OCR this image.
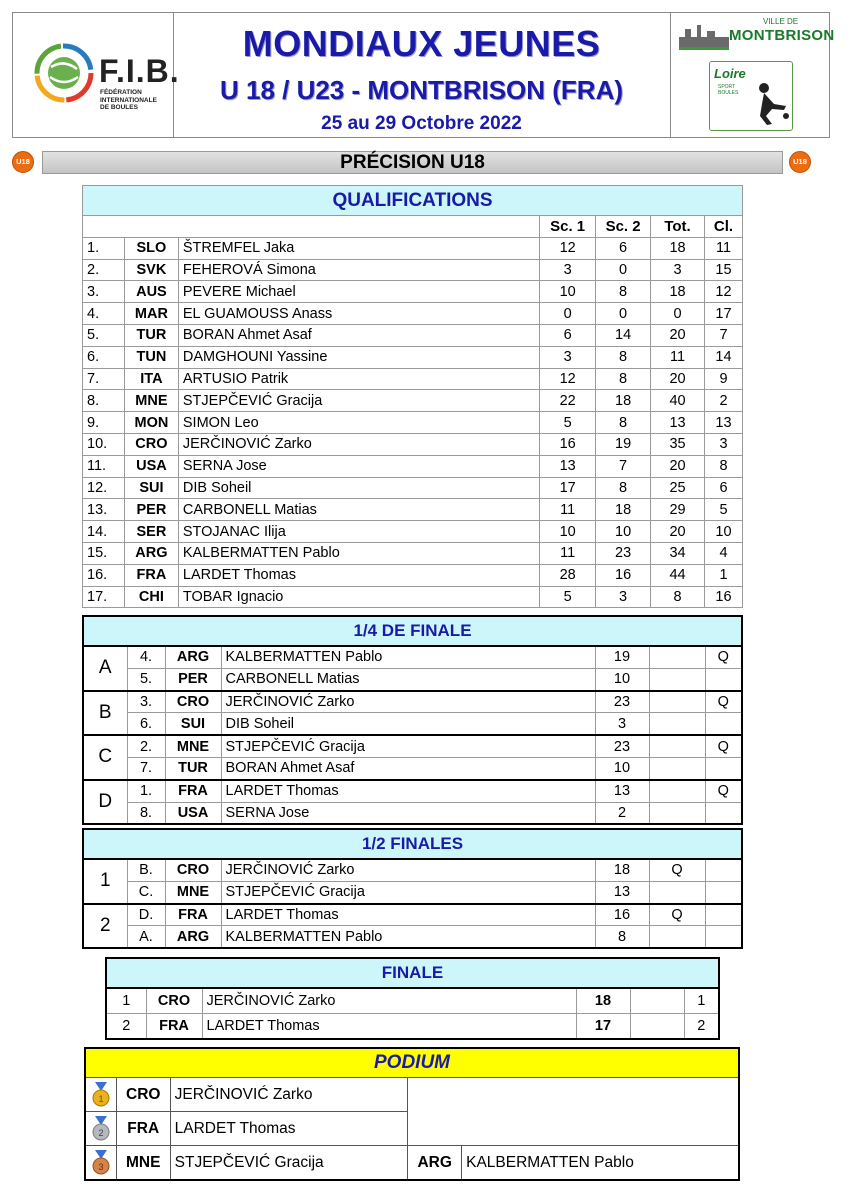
F.I.B.
FÉDÉRATION
INTERNATIONALE
DE BOULES
MONDIAUX JEUNES
U 18 / U23 - MONTBRISON (FRA)
25 au 29 Octobre 2022
VILLE DE
MONTBRISON
Loire
SPORT
BOULES
U18	PRÉCISION U18	U18
QUALIFICATIONS						
			Sc. 1	Sc. 2	Tot.	Cl.
1.	SLO	ŠTREMFEL Jaka	12	6	18	11
2.	SVK	FEHEROVÁ Simona	3	0	3	15
3.	AUS	PEVERE Michael	10	8	18	12
4.	MAR	EL GUAMOUSS Anass	0	0	0	17
5.	TUR	BORAN Ahmet Asaf	6	14	20	7
6.	TUN	DAMGHOUNI Yassine	3	8	11	14
7.	ITA	ARTUSIO Patrik	12	8	20	9
8.	MNE	STJEPČEVIĆ Gracija	22	18	40	2
9.	MON	SIMON Leo	5	8	13	13
10.	CRO	JERČINOVIĆ Zarko	16	19	35	3
11.	USA	SERNA Jose	13	7	20	8
12.	SUI	DIB Soheil	17	8	25	6
13.	PER	CARBONELL Matias	11	18	29	5
14.	SER	STOJANAC Ilija	10	10	20	10
15.	ARG	KALBERMATTEN Pablo	11	23	34	4
16.	FRA	LARDET Thomas	28	16	44	1
17.	CHI	TOBAR Ignacio	5	3	8	16
1/4 DE FINALE						
A	4.	ARG	KALBERMATTEN Pablo	19		Q
	5.	PER	CARBONELL Matias	10		
B	3.	CRO	JERČINOVIĆ Zarko	23		Q
	6.	SUI	DIB Soheil	3		
C	2.	MNE	STJEPČEVIĆ Gracija	23		Q
	7.	TUR	BORAN Ahmet Asaf	10		
D	1.	FRA	LARDET Thomas	13		Q
	8.	USA	SERNA Jose	2		
1/2 FINALES						
1	B.	CRO	JERČINOVIĆ Zarko	18	Q	
	C.	MNE	STJEPČEVIĆ Gracija	13		
2	D.	FRA	LARDET Thomas	16	Q	
	A.	ARG	KALBERMATTEN Pablo	8		
FINALE					
1	CRO	JERČINOVIĆ Zarko	18		1
2	FRA	LARDET Thomas	17		2
PODIUM				

1	CRO	JERČINOVIĆ Zarko		

2	FRA	LARDET Thomas		

3	MNE	STJEPČEVIĆ Gracija	ARG	KALBERMATTEN Pablo
